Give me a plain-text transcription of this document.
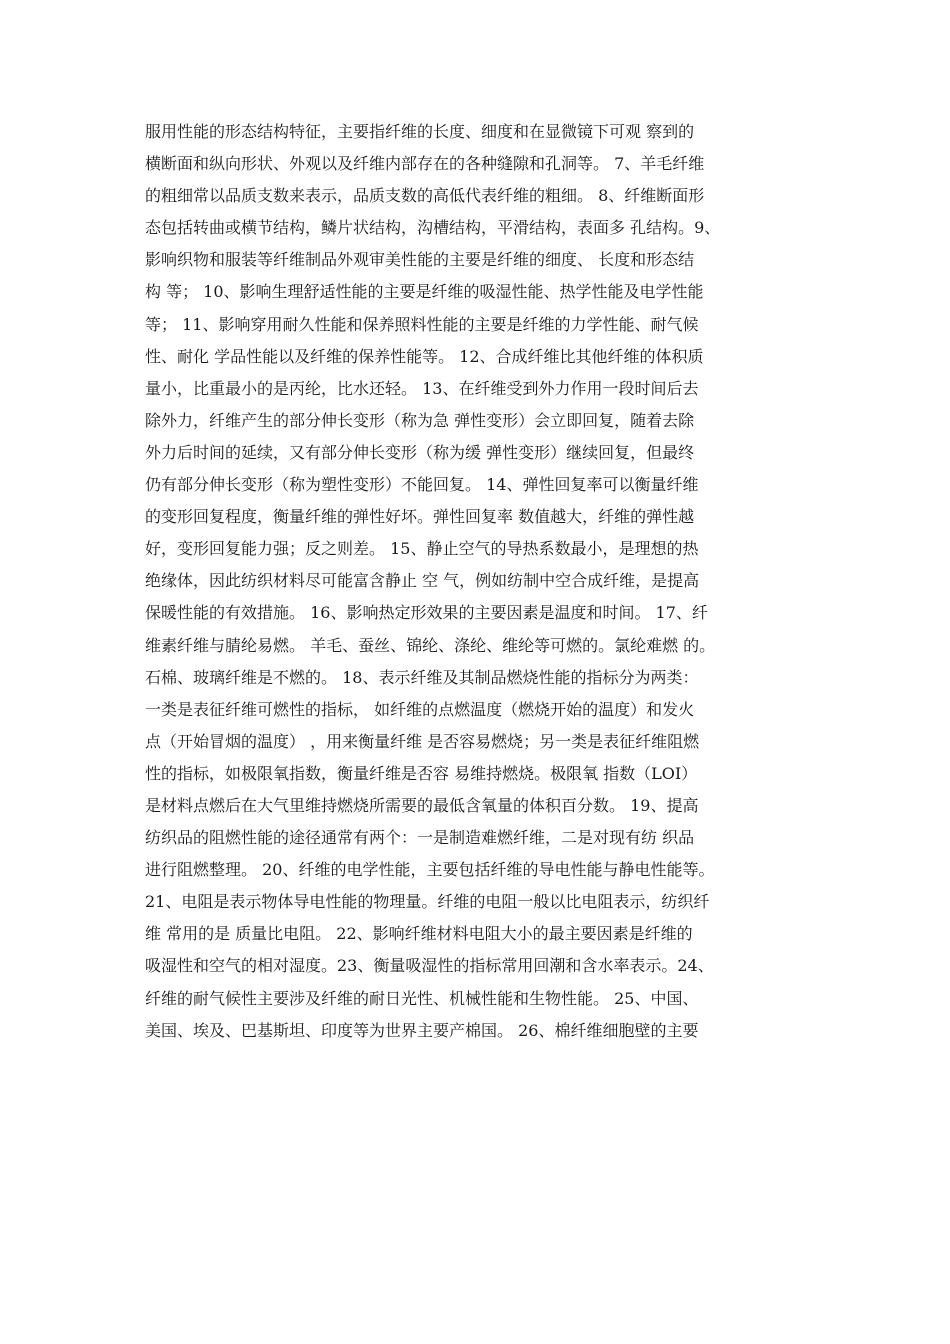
服用性能的形态结构特征，主要指纤维的长度、细度和在显微镜下可观 察到的
横断面和纵向形状、外观以及纤维内部存在的各种缝隙和孔洞等。 7、羊毛纤维
的粗细常以品质支数来表示，品质支数的高低代表纤维的粗细。 8、纤维断面形
态包括转曲或横节结构，鳞片状结构，沟槽结构，平滑结构，表面多 孔结构。9、
影响织物和服装等纤维制品外观审美性能的主要是纤维的细度、 长度和形态结
构 等； 10、影响生理舒适性能的主要是纤维的吸湿性能、热学性能及电学性能
等； 11、影响穿用耐久性能和保养照料性能的主要是纤维的力学性能、耐气候
性、耐化 学品性能以及纤维的保养性能等。 12、合成纤维比其他纤维的体积质
量小，比重最小的是丙纶，比水还轻。 13、在纤维受到外力作用一段时间后去
除外力，纤维产生的部分伸长变形（称为急 弹性变形）会立即回复，随着去除
外力后时间的延续，又有部分伸长变形（称为缓 弹性变形）继续回复，但最终
仍有部分伸长变形（称为塑性变形）不能回复。 14、弹性回复率可以衡量纤维
的变形回复程度，衡量纤维的弹性好坏。弹性回复率 数值越大，纤维的弹性越
好，变形回复能力强；反之则差。 15、静止空气的导热系数最小，是理想的热
绝缘体，因此纺织材料尽可能富含静止 空 气，例如纺制中空合成纤维，是提高
保暖性能的有效措施。 16、影响热定形效果的主要因素是温度和时间。 17、纤
维素纤维与腈纶易燃。 羊毛、蚕丝、锦纶、涤纶、维纶等可燃的。氯纶难燃 的。
石棉、玻璃纤维是不燃的。 18、表示纤维及其制品燃烧性能的指标分为两类：
一类是表征纤维可燃性的指标， 如纤维的点燃温度（燃烧开始的温度）和发火
点（开始冒烟的温度） ，用来衡量纤维 是否容易燃烧；另一类是表征纤维阻燃
性的指标，如极限氧指数，衡量纤维是否容 易维持燃烧。极限氧 指数（LOI）
是材料点燃后在大气里维持燃烧所需要的最低含氧量的体积百分数。 19、提高
纺织品的阻燃性能的途径通常有两个：一是制造难燃纤维，二是对现有纺 织品
进行阻燃整理。 20、纤维的电学性能，主要包括纤维的导电性能与静电性能等。
21、电阻是表示物体导电性能的物理量。纤维的电阻一般以比电阻表示，纺织纤
维 常用的是 质量比电阻。 22、影响纤维材料电阻大小的最主要因素是纤维的
吸湿性和空气的相对湿度。23、衡量吸湿性的指标常用回潮和含水率表示。24、
纤维的耐气候性主要涉及纤维的耐日光性、机械性能和生物性能。 25、中国、
美国、埃及、巴基斯坦、印度等为世界主要产棉国。 26、棉纤维细胞壁的主要
